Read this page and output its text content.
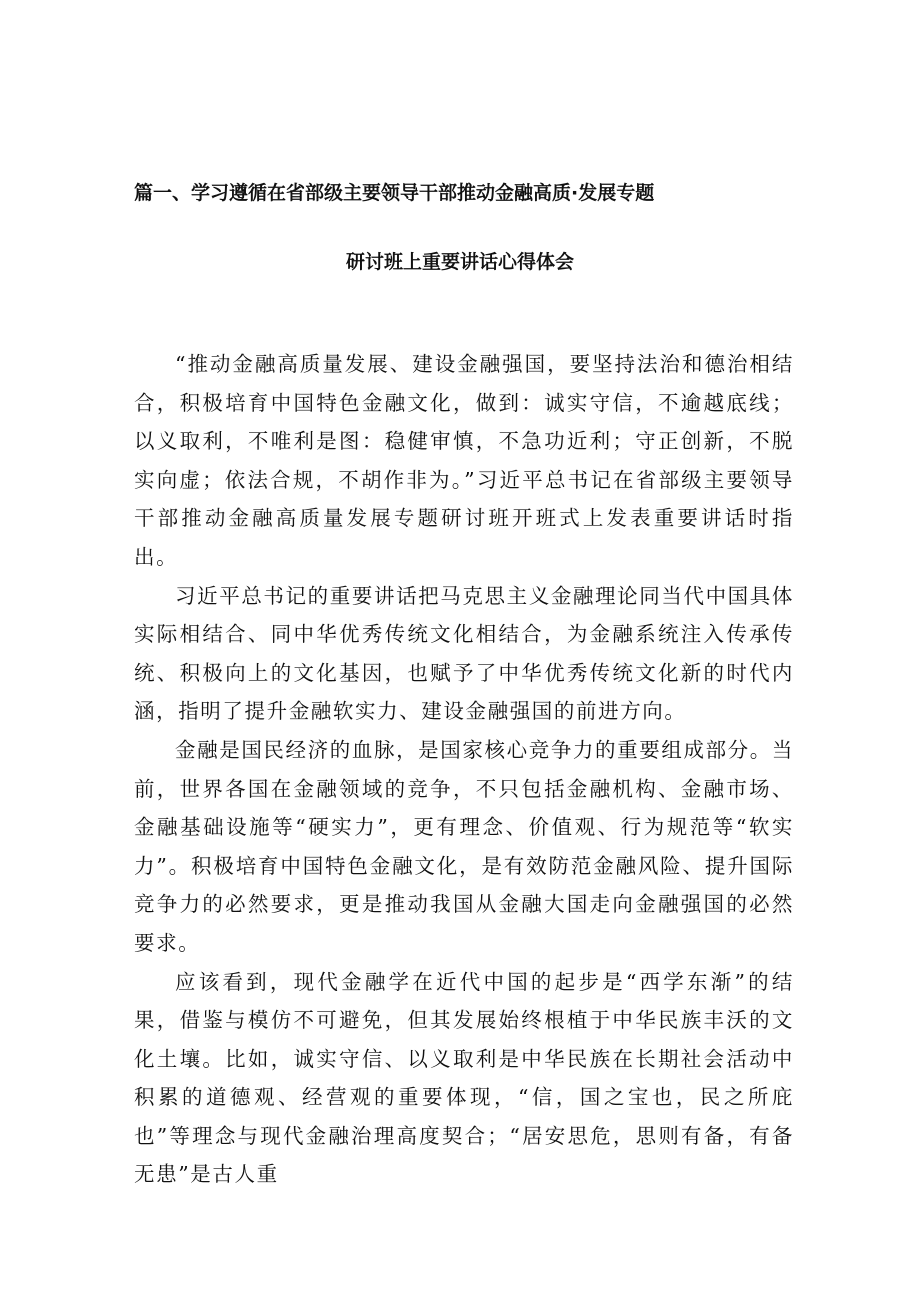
篇一、学习遵循在省部级主要领导干部推动金融高质·发展专题
研讨班上重要讲话心得体会

“推动金融高质量发展、建设金融强国，要坚持法治和德治相结合，积极培育中国特色金融文化，做到：诚实守信，不逾越底线；以义取利，不唯利是图：稳健审慎，不急功近利；守正创新，不脱实向虚；依法合规，不胡作非为。”习近平总书记在省部级主要领导干部推动金融高质量发展专题研讨班开班式上发表重要讲话时指出。

习近平总书记的重要讲话把马克思主义金融理论同当代中国具体实际相结合、同中华优秀传统文化相结合，为金融系统注入传承传统、积极向上的文化基因，也赋予了中华优秀传统文化新的时代内涵，指明了提升金融软实力、建设金融强国的前进方向。

金融是国民经济的血脉，是国家核心竞争力的重要组成部分。当前，世界各国在金融领域的竞争，不只包括金融机构、金融市场、金融基础设施等“硬实力”，更有理念、价值观、行为规范等“软实力”。积极培育中国特色金融文化，是有效防范金融风险、提升国际竞争力的必然要求，更是推动我国从金融大国走向金融强国的必然要求。

应该看到，现代金融学在近代中国的起步是“西学东渐”的结果，借鉴与模仿不可避免，但其发展始终根植于中华民族丰沃的文化土壤。比如，诚实守信、以义取利是中华民族在长期社会活动中积累的道德观、经营观的重要体现，“信，国之宝也，民之所庇也”等理念与现代金融治理高度契合；“居安思危，思则有备，有备无患”是古人重
